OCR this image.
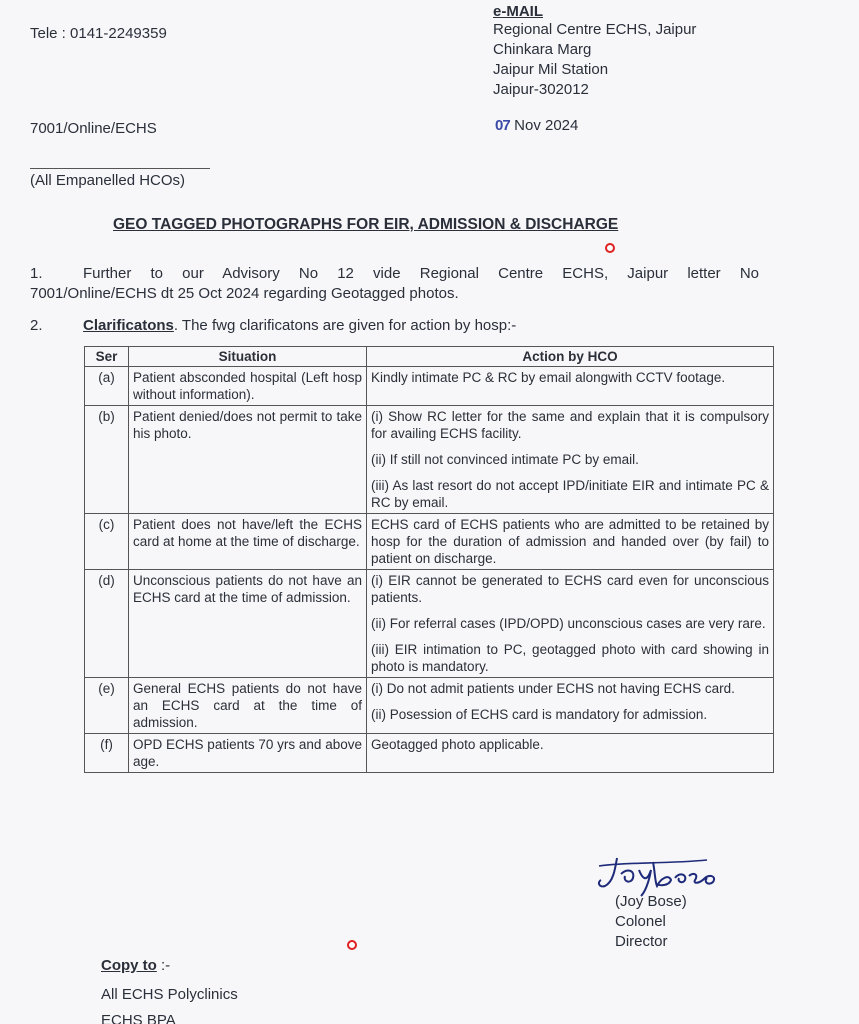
Tele : 0141-2249359
e-MAIL
Regional Centre ECHS, Jaipur
Chinkara Marg
Jaipur Mil Station
Jaipur-302012
7001/Online/ECHS	07 Nov 2024
(All Empanelled HCOs)
GEO TAGGED PHOTOGRAPHS FOR EIR, ADMISSION & DISCHARGE
1.	Further to our Advisory No 12 vide Regional Centre ECHS, Jaipur letter No
7001/Online/ECHS dt 25 Oct 2024 regarding Geotagged photos.
2.	Clarificatons. The fwg clarificatons are given for action by hosp:-
Ser	Situation	Action by HCO
(a)	Patient absconded hospital (Left hosp without information).	Kindly intimate PC & RC by email alongwith CCTV footage.

(b)	Patient denied/does not permit to take his photo.	(i) Show RC letter for the same and explain that it is compulsory for availing ECHS facility.

(ii) If still not convinced intimate PC by email.

(iii) As last resort do not accept IPD/initiate EIR and intimate PC & RC by email.

(c)	Patient does not have/left the ECHS card at home at the time of discharge.	ECHS card of ECHS patients who are admitted to be retained by hosp for the duration of admission and handed over (by fail) to patient on discharge.

(d)	Unconscious patients do not have an ECHS card at the time of admission.	(i) EIR cannot be generated to ECHS card even for unconscious patients.

(ii) For referral cases (IPD/OPD) unconscious cases are very rare.

(iii) EIR intimation to PC, geotagged photo with card showing in photo is mandatory.

(e)	General ECHS patients do not have an ECHS card at the time of admission.	(i) Do not admit patients under ECHS not having ECHS card.

(ii) Posession of ECHS card is mandatory for admission.

(f)	OPD ECHS patients 70 yrs and above age.	Geotagged photo applicable.

(Joy Bose)
Colonel
Director
Copy to :-
All ECHS Polyclinics
ECHS BPA
